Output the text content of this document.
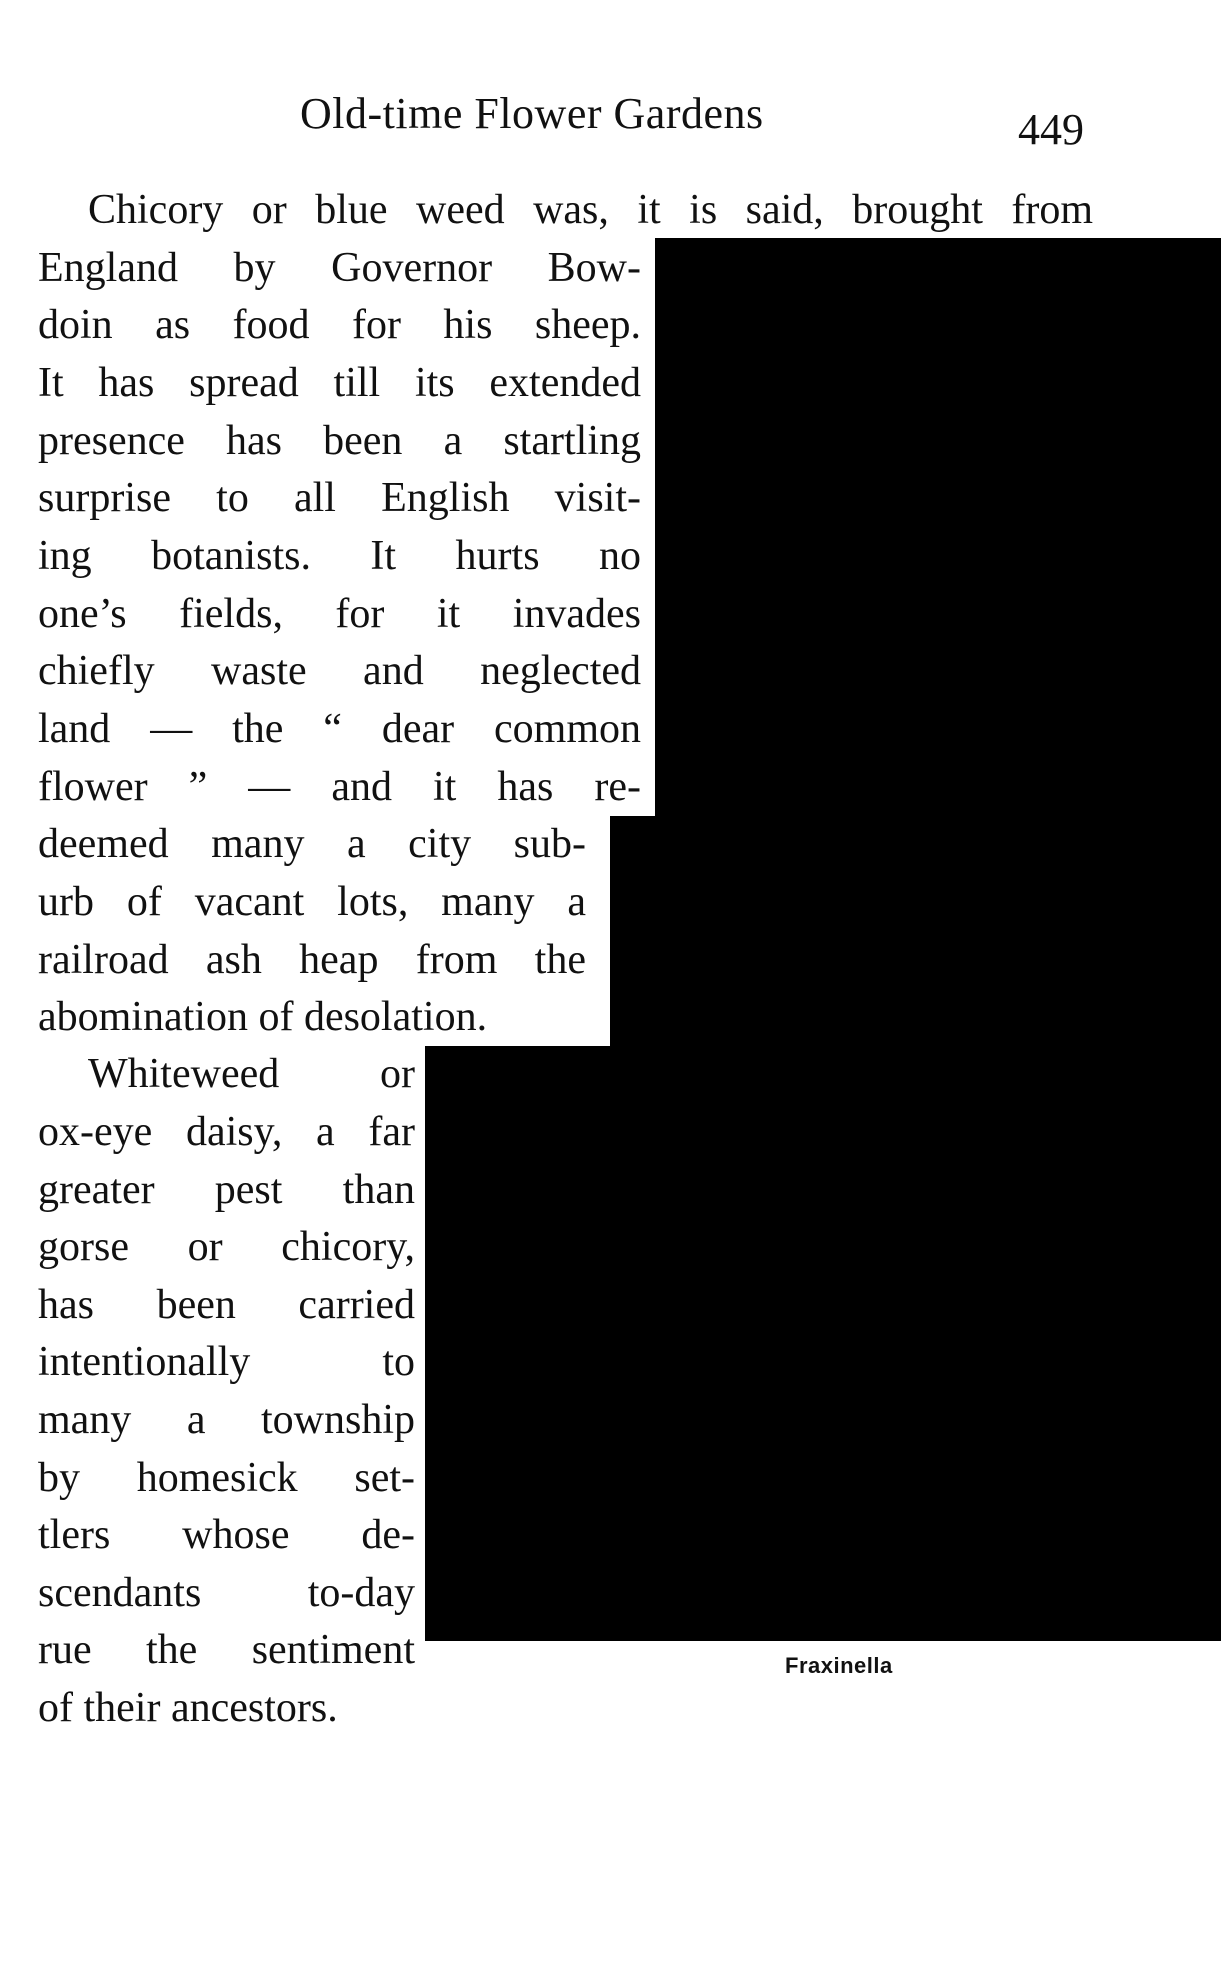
Old-time Flower Gardens	449
Fraxinella
Chicory or blue weed was, it is said, brought from
England by Governor Bow-
doin as food for his sheep.
It has spread till its extended
presence has been a startling
surprise to all English visit-
ing botanists. It hurts no
one’s fields, for it invades
chiefly waste and neglected
land — the “ dear common
flower ” — and it has re-
deemed many a city sub-
urb of vacant lots, many a
railroad ash heap from the
abomination of desolation.
Whiteweed or
ox-eye daisy, a far
greater pest than
gorse or chicory,
has been carried
intentionally to
many a township
by homesick set-
tlers whose de-
scendants to-day
rue the sentiment
of their ancestors.
